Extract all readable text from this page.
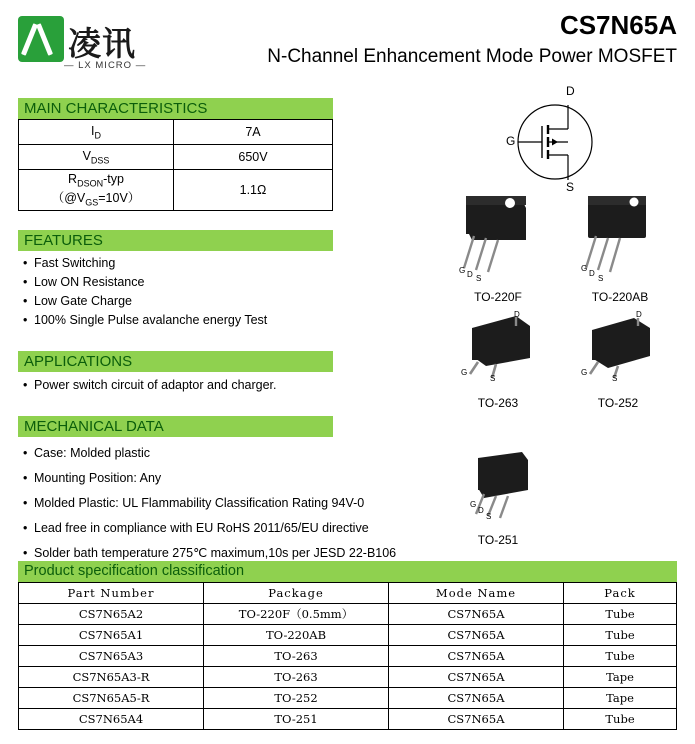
凌讯
— LX MICRO —
CS7N65A
N-Channel Enhancement Mode Power MOSFET
MAIN CHARACTERISTICS
$I_D$	7A
$V_{DSS}$	650V
$R_{DSON}$-typ
$(@V_{GS}=10V)$	1.1Ω
FEATURES
• Fast Switching
• Low ON Resistance
• Low Gate Charge
• 100% Single Pulse avalanche energy Test
APPLICATIONS
• Power switch circuit of adaptor and charger.
MECHANICAL DATA
• Case: Molded plastic
• Mounting Position: Any
• Molded Plastic: UL Flammability Classification Rating 94V-0
• Lead free in compliance with EU RoHS 2011/65/EU directive
• Solder bath temperature 275℃ maximum,10s per JESD 22-B106
D
G
S
G D S
TO-220F
G
D
S
TO-220AB
D
G
S
TO-263
D
G
S
TO-252
G
D
S
TO-251
Product specification classification
Part Number	Package	Mode Name	Pack
CS7N65A2	TO-220F（0.5mm）	CS7N65A	Tube
CS7N65A1	TO-220AB	CS7N65A	Tube
CS7N65A3	TO-263	CS7N65A	Tube
CS7N65A3-R	TO-263	CS7N65A	Tape
CS7N65A5-R	TO-252	CS7N65A	Tape
CS7N65A4	TO-251	CS7N65A	Tube
